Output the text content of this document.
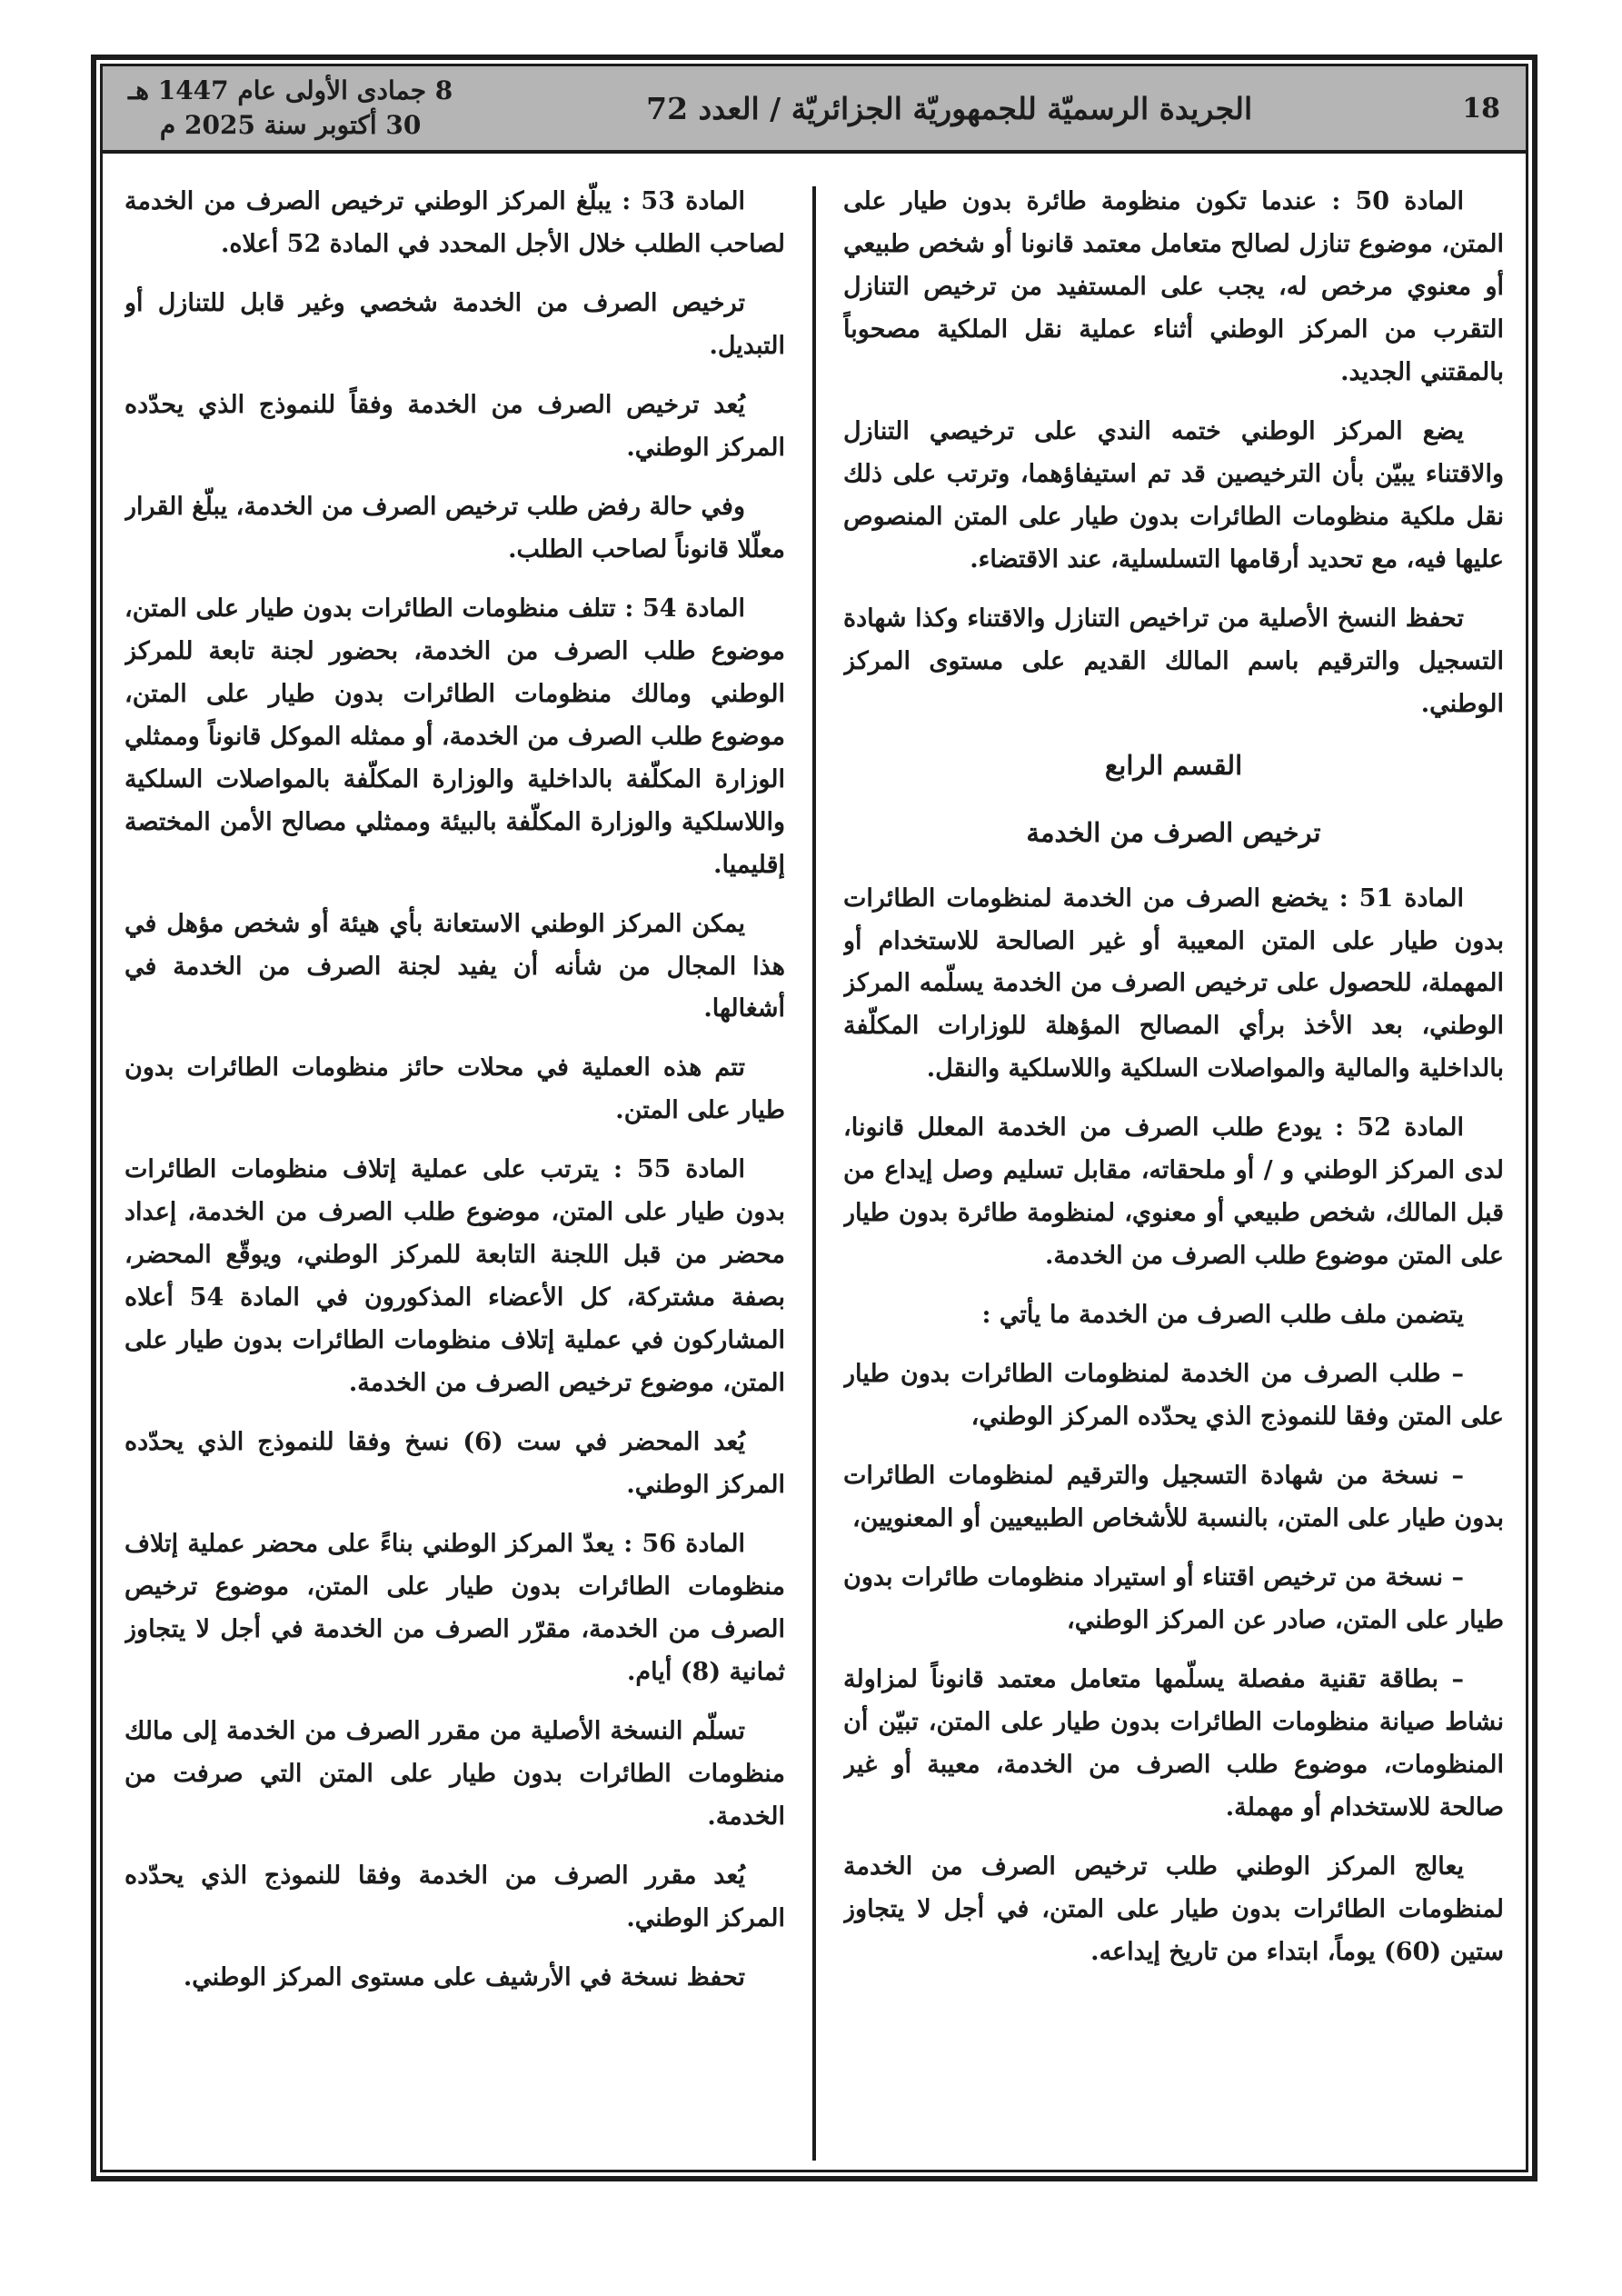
8 جمادى الأولى عام 1447 هـ
30 أكتوبر سنة 2025 م	الجريدة الرسميّة للجمهوريّة الجزائريّة / العدد 72	18
المادة 50 : عندما تكون منظومة طائرة بدون طيار على المتن، موضوع تنازل لصالح متعامل معتمد قانونا أو شخص طبيعي أو معنوي مرخص له، يجب على المستفيد من ترخيص التنازل التقرب من المركز الوطني أثناء عملية نقل الملكية مصحوباً بالمقتني الجديد.
يضع المركز الوطني ختمه الندي على ترخيصي التنازل والاقتناء يبيّن بأن الترخيصين قد تم استيفاؤهما، وترتب على ذلك نقل ملكية منظومات الطائرات بدون طيار على المتن المنصوص عليها فيه، مع تحديد أرقامها التسلسلية، عند الاقتضاء.
تحفظ النسخ الأصلية من تراخيص التنازل والاقتناء وكذا شهادة التسجيل والترقيم باسم المالك القديم على مستوى المركز الوطني.
القسم الرابع
ترخيص الصرف من الخدمة
المادة 51 : يخضع الصرف من الخدمة لمنظومات الطائرات بدون طيار على المتن المعيبة أو غير الصالحة للاستخدام أو المهملة، للحصول على ترخيص الصرف من الخدمة يسلّمه المركز الوطني، بعد الأخذ برأي المصالح المؤهلة للوزارات المكلّفة بالداخلية والمالية والمواصلات السلكية واللاسلكية والنقل.
المادة 52 : يودع طلب الصرف من الخدمة المعلل قانونا، لدى المركز الوطني و / أو ملحقاته، مقابل تسليم وصل إيداع من قبل المالك، شخص طبيعي أو معنوي، لمنظومة طائرة بدون طيار على المتن موضوع طلب الصرف من الخدمة.
يتضمن ملف طلب الصرف من الخدمة ما يأتي :
– طلب الصرف من الخدمة لمنظومات الطائرات بدون طيار على المتن وفقا للنموذج الذي يحدّده المركز الوطني،
– نسخة من شهادة التسجيل والترقيم لمنظومات الطائرات بدون طيار على المتن، بالنسبة للأشخاص الطبيعيين أو المعنويين،
– نسخة من ترخيص اقتناء أو استيراد منظومات طائرات بدون طيار على المتن، صادر عن المركز الوطني،
– بطاقة تقنية مفصلة يسلّمها متعامل معتمد قانوناً لمزاولة نشاط صيانة منظومات الطائرات بدون طيار على المتن، تبيّن أن المنظومات، موضوع طلب الصرف من الخدمة، معيبة أو غير صالحة للاستخدام أو مهملة.
يعالج المركز الوطني طلب ترخيص الصرف من الخدمة لمنظومات الطائرات بدون طيار على المتن، في أجل لا يتجاوز ستين (60) يوماً، ابتداء من تاريخ إيداعه.
المادة 53 : يبلّغ المركز الوطني ترخيص الصرف من الخدمة لصاحب الطلب خلال الأجل المحدد في المادة 52 أعلاه.
ترخيص الصرف من الخدمة شخصي وغير قابل للتنازل أو التبديل.
يُعد ترخيص الصرف من الخدمة وفقاً للنموذج الذي يحدّده المركز الوطني.
وفي حالة رفض طلب ترخيص الصرف من الخدمة، يبلّغ القرار معلّلا قانوناً لصاحب الطلب.
المادة 54 : تتلف منظومات الطائرات بدون طيار على المتن، موضوع طلب الصرف من الخدمة، بحضور لجنة تابعة للمركز الوطني ومالك منظومات الطائرات بدون طيار على المتن، موضوع طلب الصرف من الخدمة، أو ممثله الموكل قانوناً وممثلي الوزارة المكلّفة بالداخلية والوزارة المكلّفة بالمواصلات السلكية واللاسلكية والوزارة المكلّفة بالبيئة وممثلي مصالح الأمن المختصة إقليميا.
يمكن المركز الوطني الاستعانة بأي هيئة أو شخص مؤهل في هذا المجال من شأنه أن يفيد لجنة الصرف من الخدمة في أشغالها.
تتم هذه العملية في محلات حائز منظومات الطائرات بدون طيار على المتن.
المادة 55 : يترتب على عملية إتلاف منظومات الطائرات بدون طيار على المتن، موضوع طلب الصرف من الخدمة، إعداد محضر من قبل اللجنة التابعة للمركز الوطني، ويوقّع المحضر، بصفة مشتركة، كل الأعضاء المذكورون في المادة 54 أعلاه المشاركون في عملية إتلاف منظومات الطائرات بدون طيار على المتن، موضوع ترخيص الصرف من الخدمة.
يُعد المحضر في ست (6) نسخ وفقا للنموذج الذي يحدّده المركز الوطني.
المادة 56 : يعدّ المركز الوطني بناءً على محضر عملية إتلاف منظومات الطائرات بدون طيار على المتن، موضوع ترخيص الصرف من الخدمة، مقرّر الصرف من الخدمة في أجل لا يتجاوز ثمانية (8) أيام.
تسلّم النسخة الأصلية من مقرر الصرف من الخدمة إلى مالك منظومات الطائرات بدون طيار على المتن التي صرفت من الخدمة.
يُعد مقرر الصرف من الخدمة وفقا للنموذج الذي يحدّده المركز الوطني.
تحفظ نسخة في الأرشيف على مستوى المركز الوطني.
